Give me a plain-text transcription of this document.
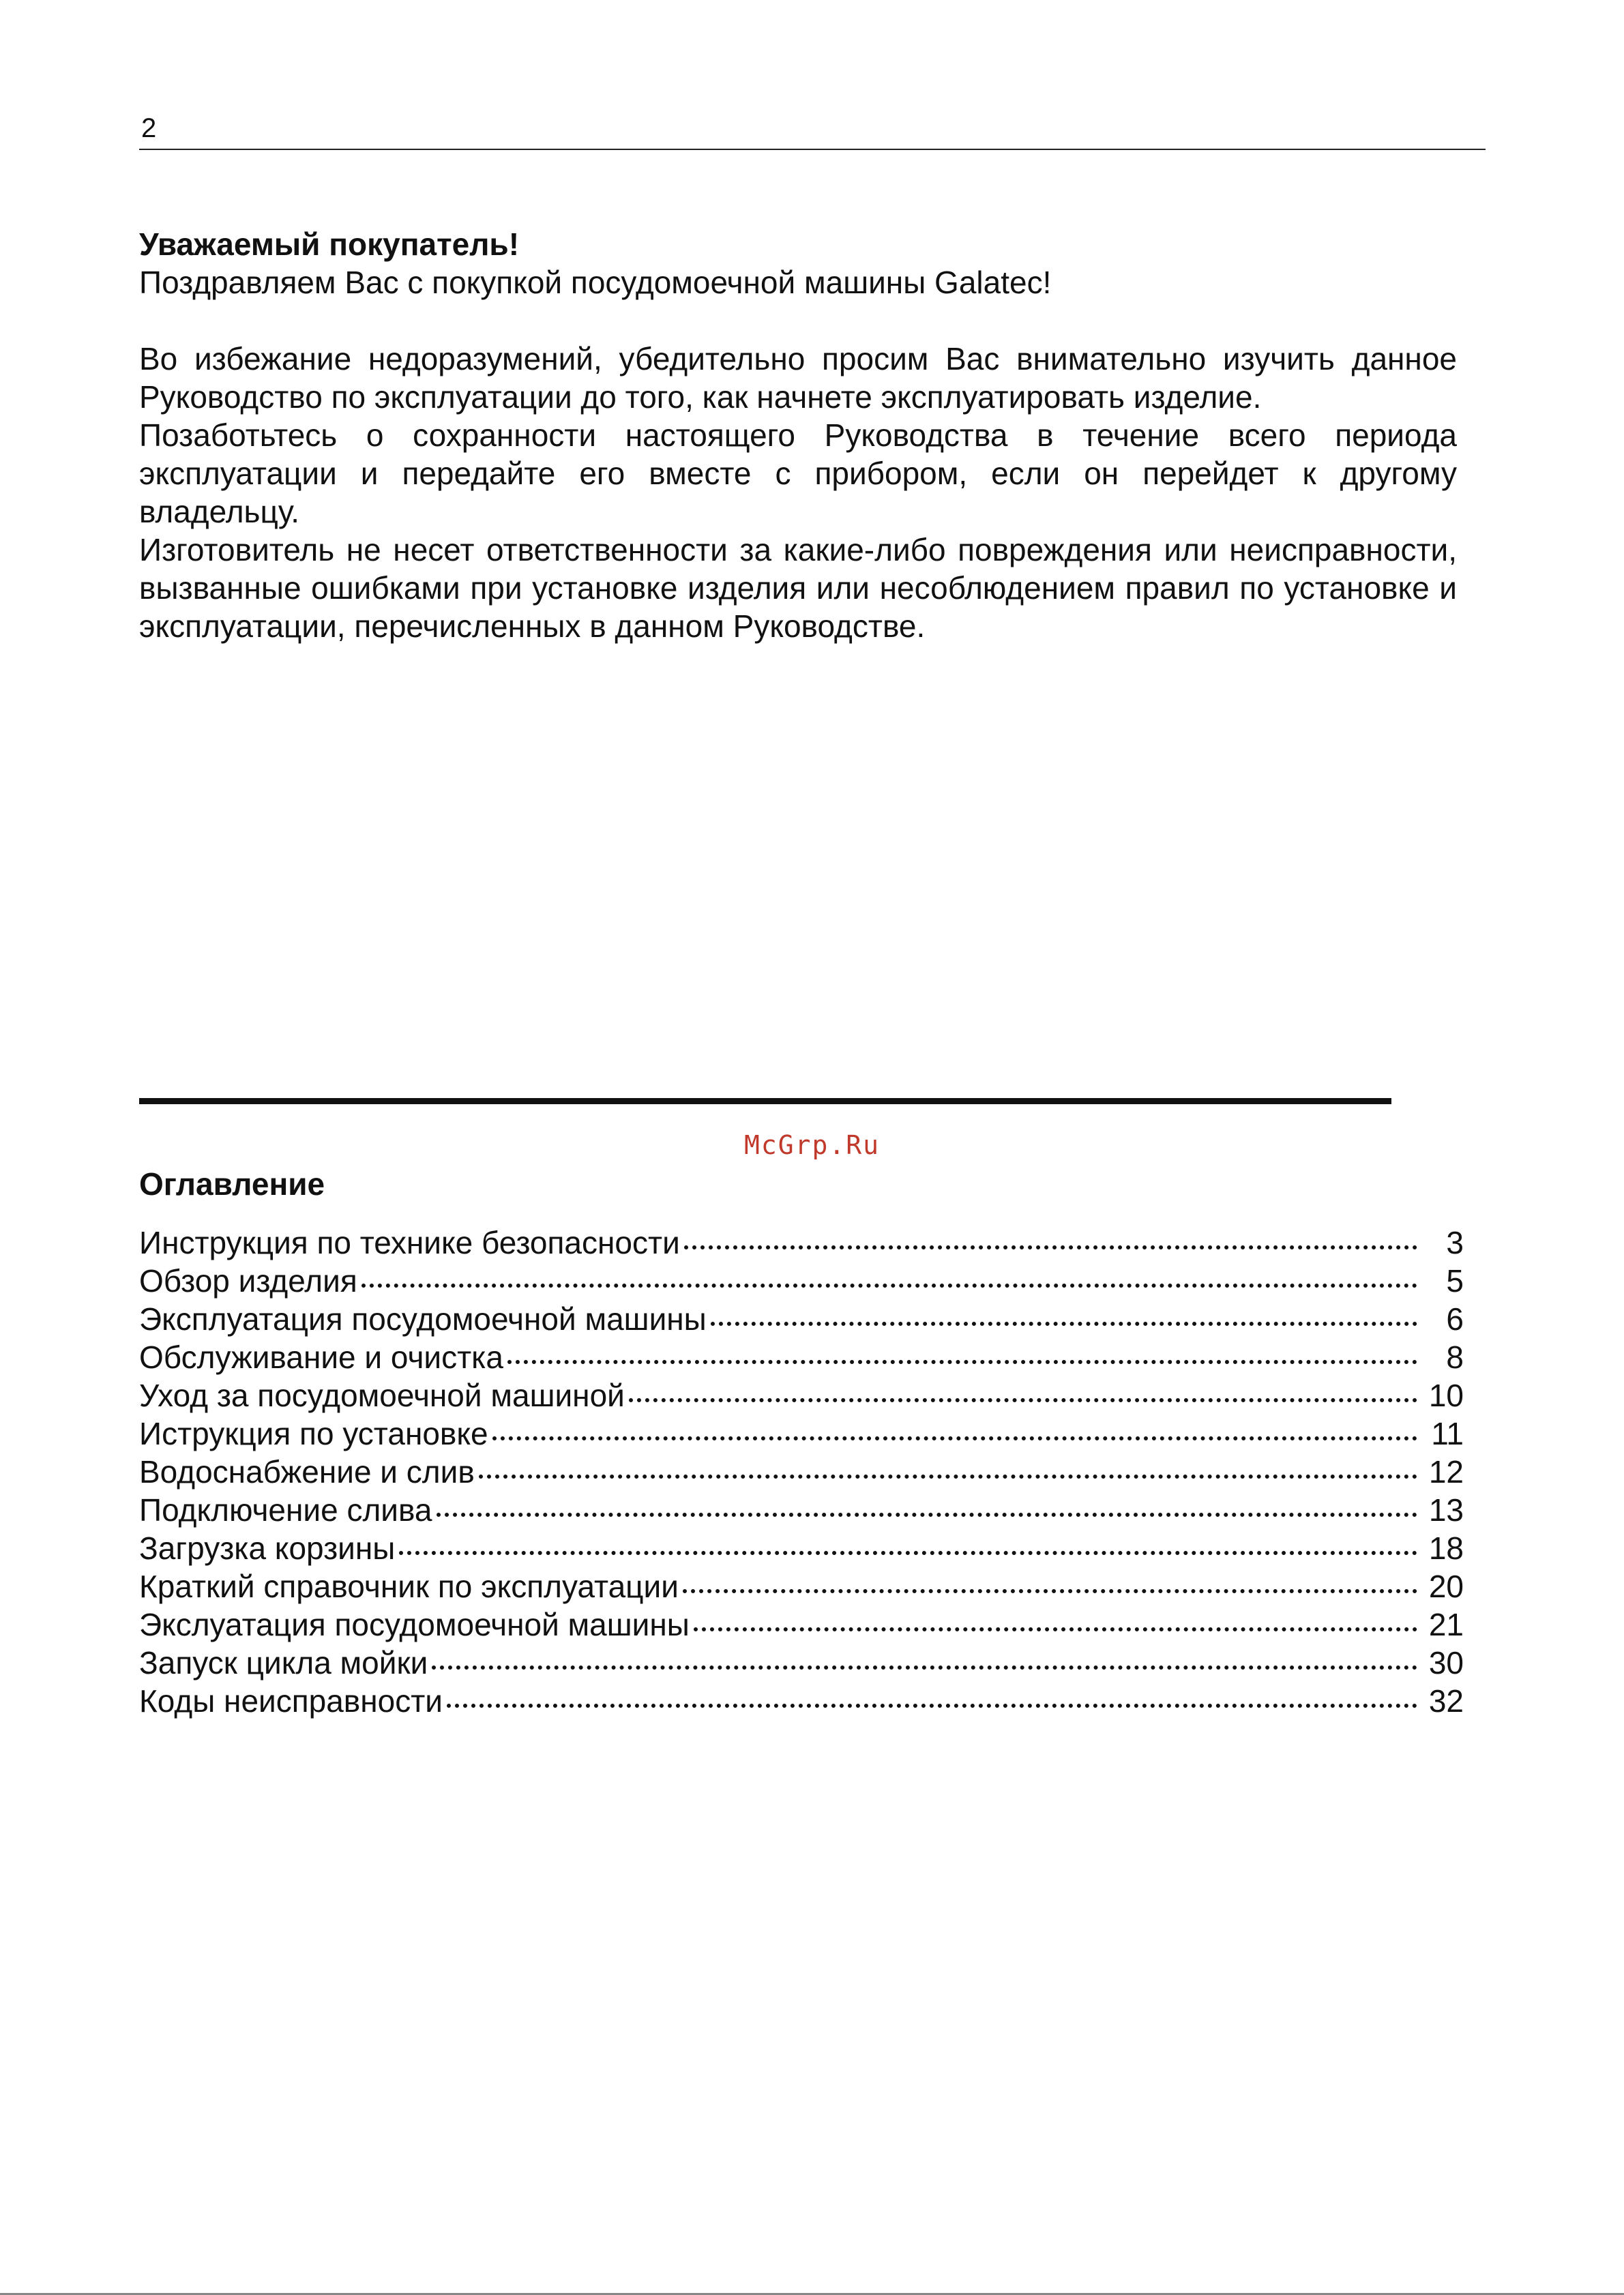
2

Уважаемый покупатель!

Поздравляем Вас с покупкой посудомоечной машины Galatec!

Во избежание недоразумений, убедительно просим Вас внимательно изучить данное Руководство по эксплуатации до того, как начнете эксплуатировать изделие.

Позаботьтесь о сохранности настоящего Руководства в течение всего периода эксплуатации и передайте его вместе с прибором, если он перейдет к другому владельцу.

Изготовитель не несет ответственности за какие-либо повреждения или неисправности, вызванные ошибками при установке изделия или несоблюдением правил по установке и эксплуатации, перечисленных в данном Руководстве.

McGrp.Ru
Оглавление
Инструкция по технике безопасности	3
Обзор изделия	5
Эксплуатация посудомоечной машины	6
Обслуживание и очистка	8
Уход за посудомоечной машиной	10
Иструкция по установке	11
Водоснабжение и слив	12
Подключение слива	13
Загрузка корзины	18
Краткий справочник по эксплуатации	20
Экслуатация посудомоечной машины	21
Запуск цикла мойки	30
Коды неисправности	32
